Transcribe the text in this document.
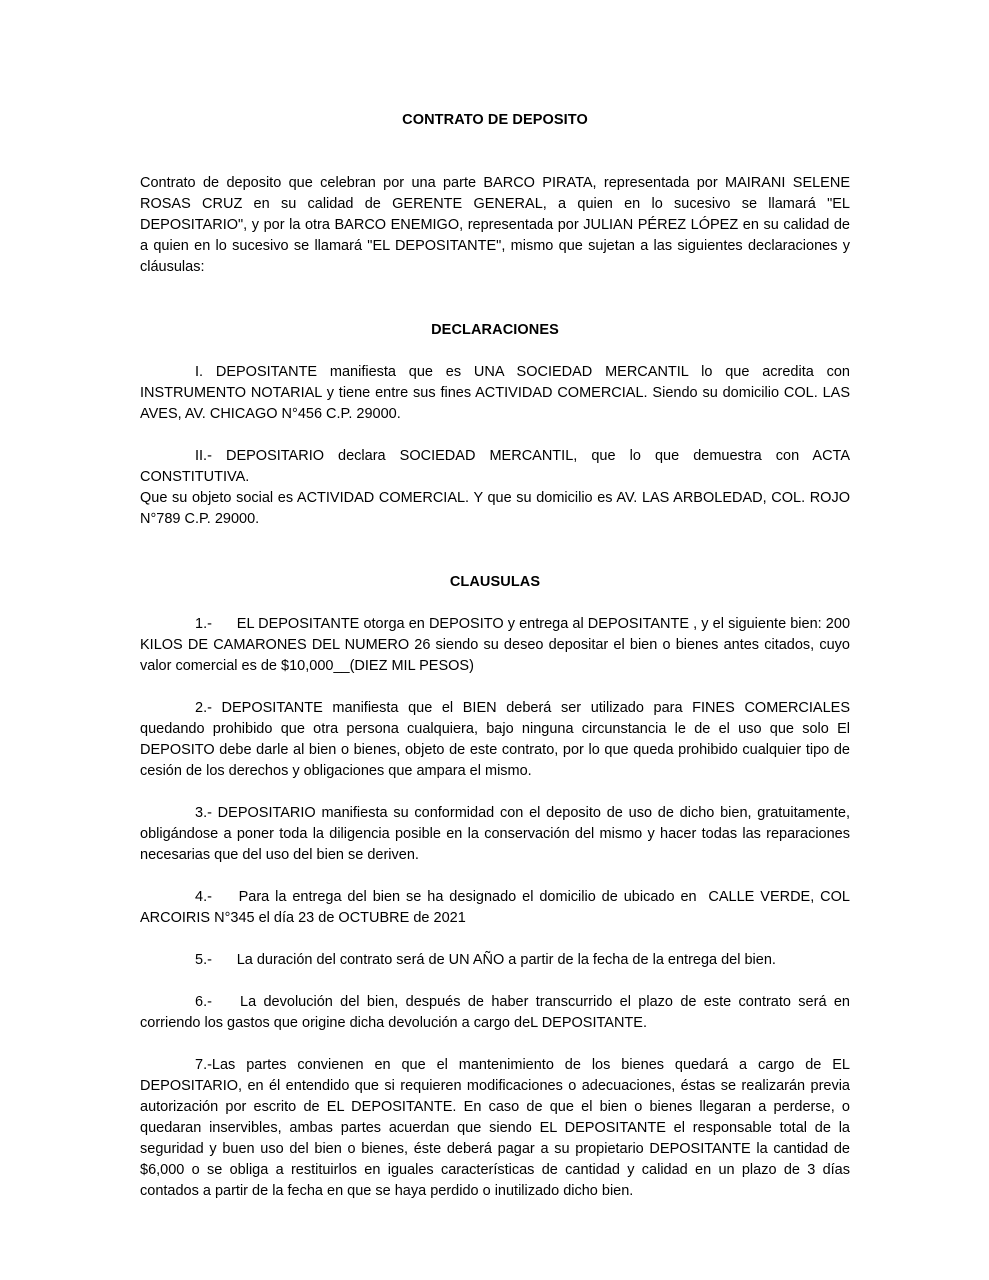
CONTRATO DE DEPOSITO

Contrato de deposito que celebran por una parte BARCO PIRATA, representada por MAIRANI SELENE ROSAS CRUZ en su calidad de GERENTE GENERAL, a quien en lo sucesivo se llamará "EL DEPOSITARIO", y por la otra BARCO ENEMIGO, representada por JULIAN PÉREZ LÓPEZ en su calidad de a quien en lo sucesivo se llamará "EL DEPOSITANTE", mismo que sujetan a las siguientes declaraciones y cláusulas:

DECLARACIONES

I. DEPOSITANTE manifiesta que es UNA SOCIEDAD MERCANTIL lo que acredita con INSTRUMENTO NOTARIAL y tiene entre sus fines ACTIVIDAD COMERCIAL. Siendo su domicilio COL. LAS AVES, AV. CHICAGO N°456 C.P. 29000.

II.- DEPOSITARIO declara SOCIEDAD MERCANTIL, que lo que demuestra con ACTA CONSTITUTIVA.

Que su objeto social es ACTIVIDAD COMERCIAL. Y que su domicilio es AV. LAS ARBOLEDAD, COL. ROJO N°789 C.P. 29000.

CLAUSULAS

1.-	EL DEPOSITANTE otorga en DEPOSITO y entrega al DEPOSITANTE , y el siguiente bien: 200 KILOS DE CAMARONES DEL NUMERO 26 siendo su deseo depositar el bien o bienes antes citados, cuyo valor comercial es de $10,000__(DIEZ MIL PESOS)

2.- DEPOSITANTE manifiesta que el BIEN deberá ser utilizado para FINES COMERCIALES quedando prohibido que otra persona cualquiera, bajo ninguna circunstancia le de el uso que solo El DEPOSITO debe darle al bien o bienes, objeto de este contrato, por lo que queda prohibido cualquier tipo de cesión de los derechos y obligaciones que ampara el mismo.

3.- DEPOSITARIO manifiesta su conformidad con el deposito de uso de dicho bien, gratuitamente, obligándose a poner toda la diligencia posible en la conservación del mismo y hacer todas las reparaciones necesarias que del uso del bien se deriven.

4.-	Para la entrega del bien se ha designado el domicilio de ubicado en  CALLE VERDE, COL ARCOIRIS N°345 el día 23 de OCTUBRE de 2021

5.-	La duración del contrato será de UN AÑO a partir de la fecha de la entrega del bien.

6.-	La devolución del bien, después de haber transcurrido el plazo de este contrato será en corriendo los gastos que origine dicha devolución a cargo deL DEPOSITANTE.

7.-Las partes convienen en que el mantenimiento de los bienes quedará a cargo de EL DEPOSITARIO, en él entendido que si requieren modificaciones o adecuaciones, éstas se realizarán previa autorización por escrito de EL DEPOSITANTE. En caso de que el bien o bienes llegaran a perderse, o quedaran inservibles, ambas partes acuerdan que siendo EL DEPOSITANTE el responsable total de la seguridad y buen uso del bien o bienes, éste deberá pagar a su propietario DEPOSITANTE la cantidad de $6,000 o se obliga a restituirlos en iguales características de cantidad y calidad en un plazo de 3 días contados a partir de la fecha en que se haya perdido o inutilizado dicho bien.
